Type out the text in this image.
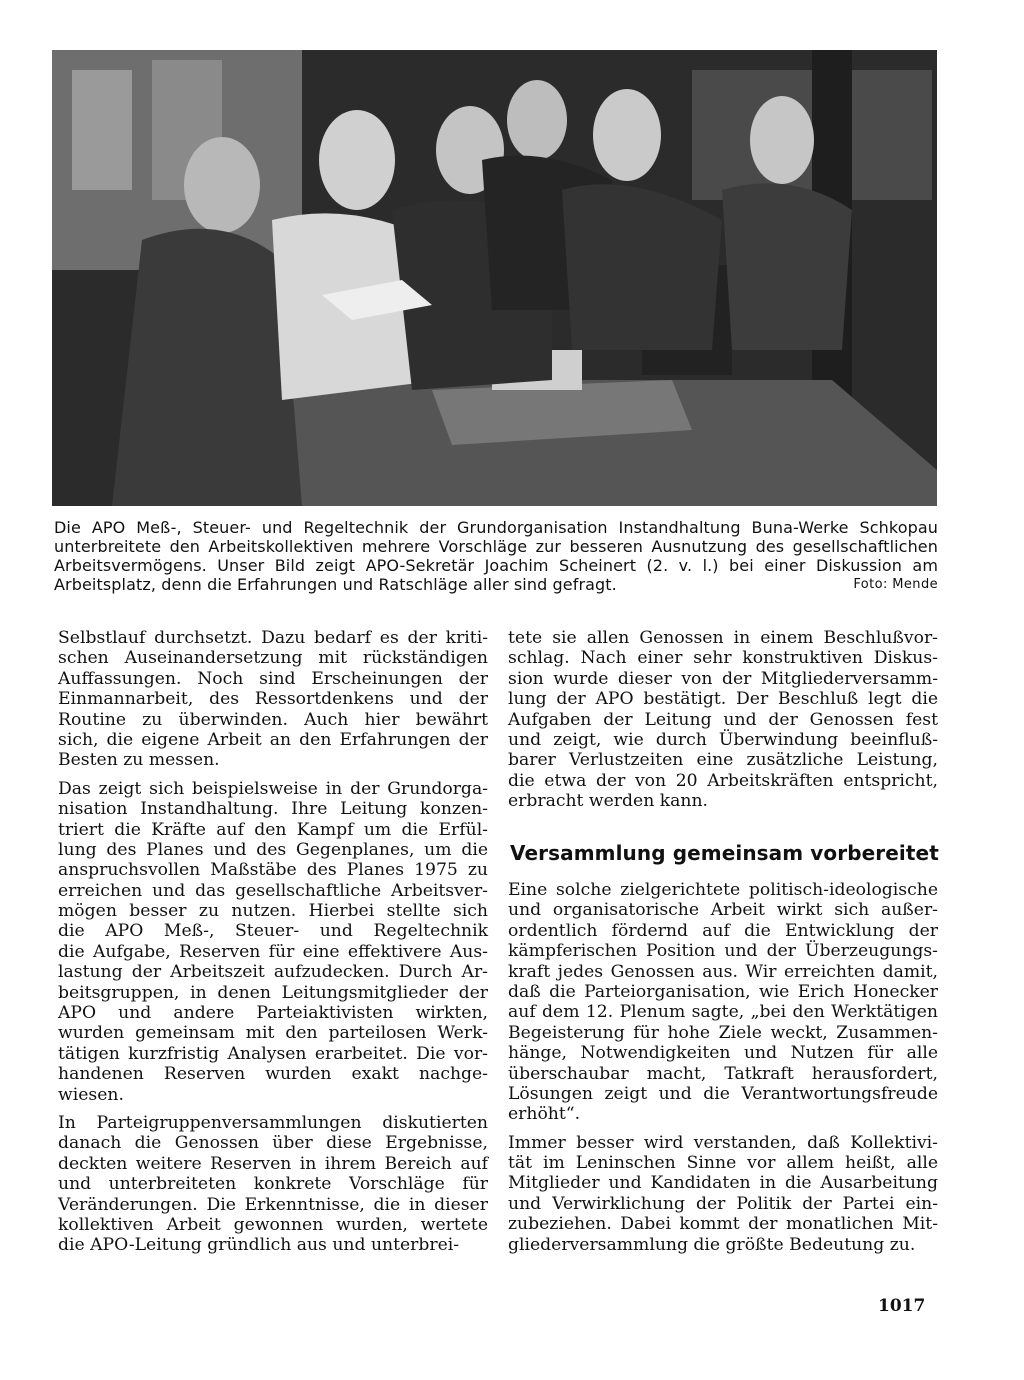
Die APO Meß-, Steuer- und Regeltechnik der Grundorganisation Instandhaltung Buna-Werke Schkopau
unterbreitete den Arbeitskollektiven mehrere Vorschläge zur besseren Ausnutzung des gesellschaftlichen
Arbeitsvermögens. Unser Bild zeigt APO-Sekretär Joachim Scheinert (2. v. l.) bei einer Diskussion am
Arbeitsplatz, denn die Erfahrungen und Ratschläge aller sind gefragt.	Foto: Mende
Selbstlauf durchsetzt. Dazu bedarf es der kriti-
schen Auseinandersetzung mit rückständigen
Auffassungen. Noch sind Erscheinungen der
Einmannarbeit, des Ressortdenkens und der
Routine zu überwinden. Auch hier bewährt
sich, die eigene Arbeit an den Erfahrungen der
Besten zu messen.
Das zeigt sich beispielsweise in der Grundorga-
nisation Instandhaltung. Ihre Leitung konzen-
triert die Kräfte auf den Kampf um die Erfül-
lung des Planes und des Gegenplanes, um die
anspruchsvollen Maßstäbe des Planes 1975 zu
erreichen und das gesellschaftliche Arbeitsver-
mögen besser zu nutzen. Hierbei stellte sich
die APO Meß-, Steuer- und Regeltechnik
die Aufgabe, Reserven für eine effektivere Aus-
lastung der Arbeitszeit aufzudecken. Durch Ar-
beitsgruppen, in denen Leitungsmitglieder der
APO und andere Parteiaktivisten wirkten,
wurden gemeinsam mit den parteilosen Werk-
tätigen kurzfristig Analysen erarbeitet. Die vor-
handenen Reserven wurden exakt nachge-
wiesen.
In Parteigruppenversammlungen diskutierten
danach die Genossen über diese Ergebnisse,
deckten weitere Reserven in ihrem Bereich auf
und unterbreiteten konkrete Vorschläge für
Veränderungen. Die Erkenntnisse, die in dieser
kollektiven Arbeit gewonnen wurden, wertete
die APO-Leitung gründlich aus und unterbrei-
tete sie allen Genossen in einem Beschlußvor-
schlag. Nach einer sehr konstruktiven Diskus-
sion wurde dieser von der Mitgliederversamm-
lung der APO bestätigt. Der Beschluß legt die
Aufgaben der Leitung und der Genossen fest
und zeigt, wie durch Überwindung beeinfluß-
barer Verlustzeiten eine zusätzliche Leistung,
die etwa der von 20 Arbeitskräften entspricht,
erbracht werden kann.
Versammlung gemeinsam vorbereitet
Eine solche zielgerichtete politisch-ideologische
und organisatorische Arbeit wirkt sich außer-
ordentlich fördernd auf die Entwicklung der
kämpferischen Position und der Überzeugungs-
kraft jedes Genossen aus. Wir erreichten damit,
daß die Parteiorganisation, wie Erich Honecker
auf dem 12. Plenum sagte, „bei den Werktätigen
Begeisterung für hohe Ziele weckt, Zusammen-
hänge, Notwendigkeiten und Nutzen für alle
überschaubar macht, Tatkraft herausfordert,
Lösungen zeigt und die Verantwortungsfreude
erhöht“.
Immer besser wird verstanden, daß Kollektivi-
tät im Leninschen Sinne vor allem heißt, alle
Mitglieder und Kandidaten in die Ausarbeitung
und Verwirklichung der Politik der Partei ein-
zubeziehen. Dabei kommt der monatlichen Mit-
gliederversammlung die größte Bedeutung zu.
1017
